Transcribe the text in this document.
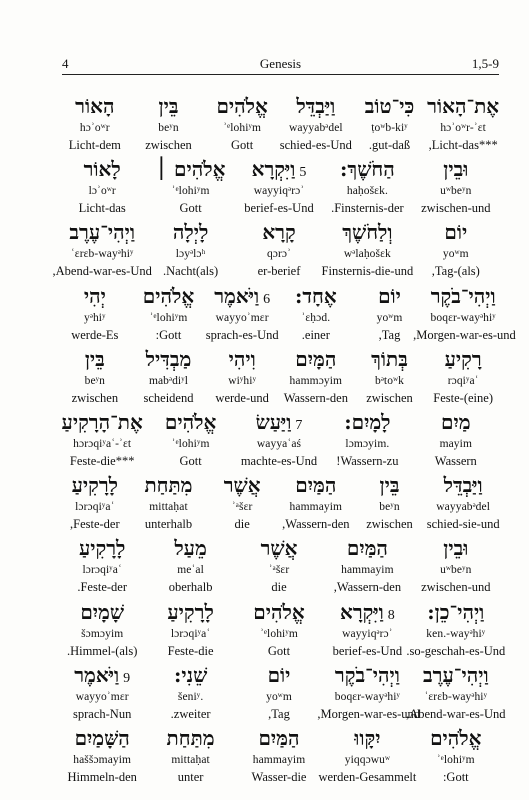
4	Genesis	1,5-9
אֶת־הָאוֹר
hɔʾoʷr-ʾɛt
,Licht-das***
כִּי־טוֹב
ṭoʷb-kiʸ
.gut-daß
וַיַּבְדֵּל
wayyabᵊdel
schied-es-Und
אֱלֹהִים
ʾᵉlohiʸm
Gott
בֵּין
beʸn
zwischen
הָאוֹר
hɔʾoʷr
Licht-dem
וּבֵין
uʷbeʸn
zwischen-und
הַחֹשֶׁךְ:
haḥošɛk.
.Finsternis-der
5וַיִּקְרָא
wayyiqᵊrɔʾ
berief-es-Und
אֱלֹהִים ׀
ʾᵉlohiʸm
Gott
לָאוֹר
lɔʾoʷr
Licht-das
יוֹם
yoʷm
,Tag-(als)
וְלַחֹשֶׁךְ
wᵊlaḥošɛk
Finsternis-die-und
קָרָא
qɔrɔʾ
er-berief
לָיְלָה
lɔyᵊlɔʰ
.Nacht(als)
וַיְהִי־עֶרֶב
ʿɛrɛb-wayᵊhiʸ
,Abend-war-es-Und
וַיְהִי־בֹקֶר
boqɛr-wayᵊhiʸ
,Morgen-war-es-und
יוֹם
yoʷm
,Tag
אֶחָד:
ʾɛḥɔd.
.einer
6וַיֹּאמֶר
wayyoʾmɛr
sprach-es-Und
אֱלֹהִים
ʾᵉlohiʸm
:Gott
יְהִי
yᵊhiʸ
werde-Es
רָקִיעַ
rɔqiʸaʿ
Feste-(eine)
בְּתוֹךְ
bᵊtoʷk
zwischen
הַמָּיִם
hammɔyim
Wassern-den
וִיהִי
wiʸhiʸ
werde-und
מַבְדִּיל
mabᵊdiʸl
scheidend
בֵּין
beʸn
zwischen
מַיִם
mayim
Wassern
לָמָיִם:
lɔmɔyim.
!Wassern-zu
7וַיַּעַשׂ
wayyaʿaś
machte-es-Und
אֱלֹהִים
ʾᵉlohiʸm
Gott
אֶת־הָרָקִיעַ
hɔrɔqiʸaʿ-ʾɛt
Feste-die***
וַיַּבְדֵּל
wayyabᵊdel
schied-sie-und
בֵּין
beʸn
zwischen
הַמַּיִם
hammayim
,Wassern-den
אֲשֶׁר
ʾᵃšɛr
die
מִתַּחַת
mittaḥat
unterhalb
לָרָקִיעַ
lɔrɔqiʸaʿ
,Feste-der
וּבֵין
uʷbeʸn
zwischen-und
הַמַּיִם
hammayim
,Wassern-den
אֲשֶׁר
ʾᵃšɛr
die
מֵעַל
meʿal
oberhalb
לָרָקִיעַ
lɔrɔqiʸaʿ
.Feste-der
וַיְהִי־כֵן:
ken.-wayᵊhiʸ
.so-geschah-es-Und
8וַיִּקְרָא
wayyiqᵊrɔʾ
berief-es-Und
אֱלֹהִים
ʾᵉlohiʸm
Gott
לָרָקִיעַ
lɔrɔqiʸaʿ
Feste-die
שָׁמָיִם
šɔmɔyim
.Himmel-(als)
וַיְהִי־עֶרֶב
ʿɛrɛb-wayᵊhiʸ
,Abend-war-es-Und
וַיְהִי־בֹקֶר
boqɛr-wayᵊhiʸ
,Morgen-war-es-und
יוֹם
yoʷm
,Tag
שֵׁנִי:
šeniʸ.
.zweiter
9וַיֹּאמֶר
wayyoʾmɛr
sprach-Nun
אֱלֹהִים
ʾᵉlohiʸm
:Gott
יִקָּווּ
yiqqɔwuʷ
werden-Gesammelt
הַמַּיִם
hammayim
Wasser-die
מִתַּחַת
mittaḥat
unter
הַשָּׁמַיִם
haššɔmayim
Himmeln-den
